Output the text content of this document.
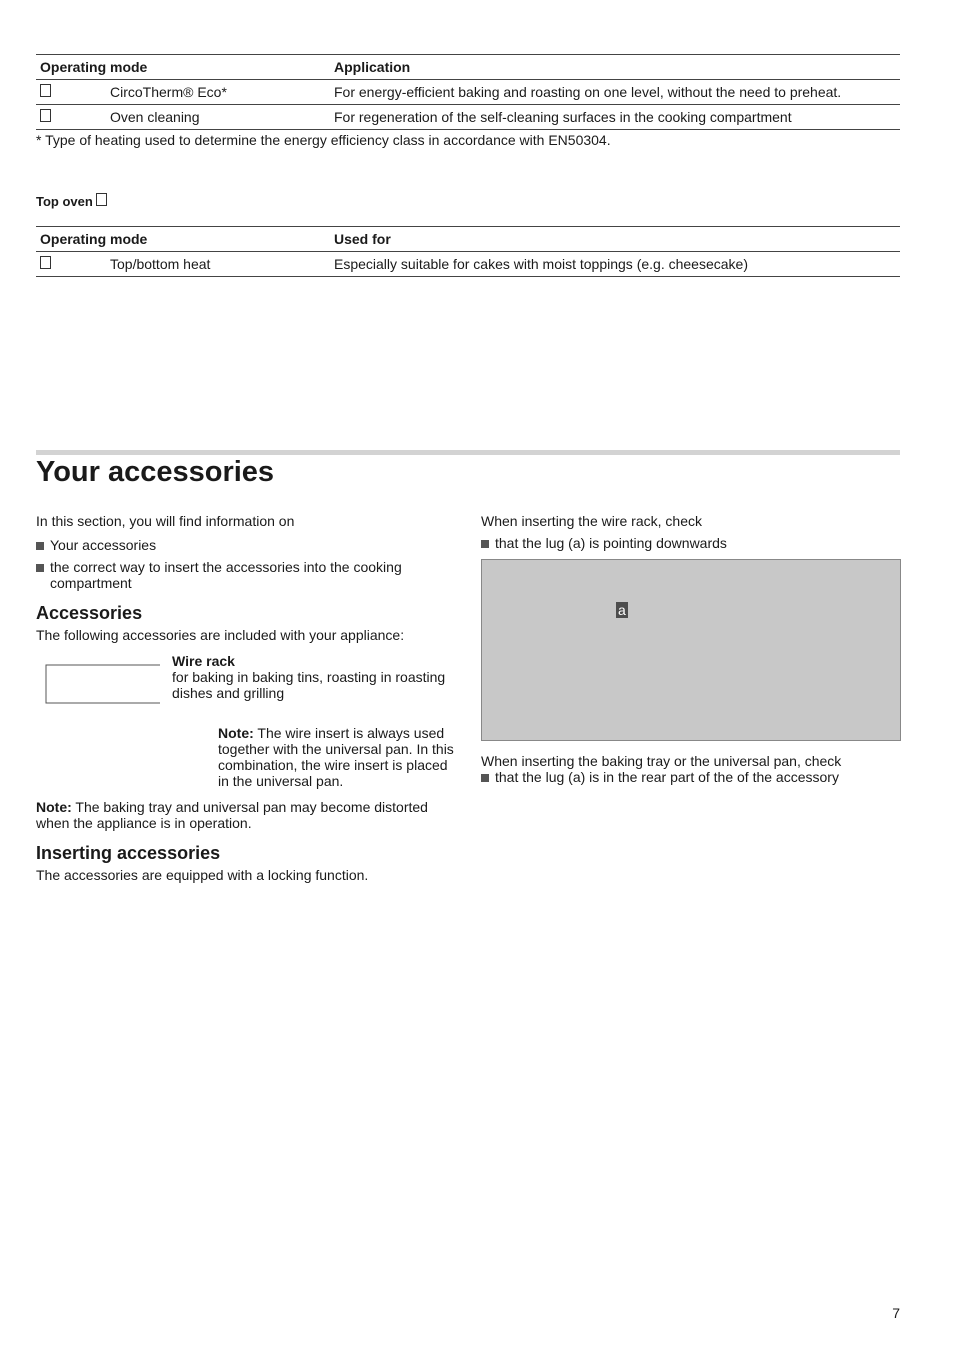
Operating mode		Application
	CircoTherm® Eco*	For energy-efficient baking and roasting on one level, without the need to preheat.
	Oven cleaning	For regeneration of the self-cleaning surfaces in the cooking compartment
* Type of heating used to determine the energy efficiency class in accordance with EN50304.
Top oven
Operating mode		Used for
	Top/bottom heat	Especially suitable for cakes with moist toppings (e.g. cheesecake)
Your accessories
In this section, you will find information on
Your accessories
the correct way to insert the accessories into the cooking compartment
Accessories
The following accessories are included with your appliance:
Wire rack
for baking in baking tins, roasting in roasting dishes and grilling
Note: The wire insert is always used together with the universal pan. In this combination, the wire insert is placed in the universal pan.
Note: The baking tray and universal pan may become distorted when the appliance is in operation.
Inserting accessories
The accessories are equipped with a locking function.
When inserting the wire rack, check
that the lug (a) is pointing downwards
a
When inserting the baking tray or the universal pan, check
that the lug (a) is in the rear part of the of the accessory
7
